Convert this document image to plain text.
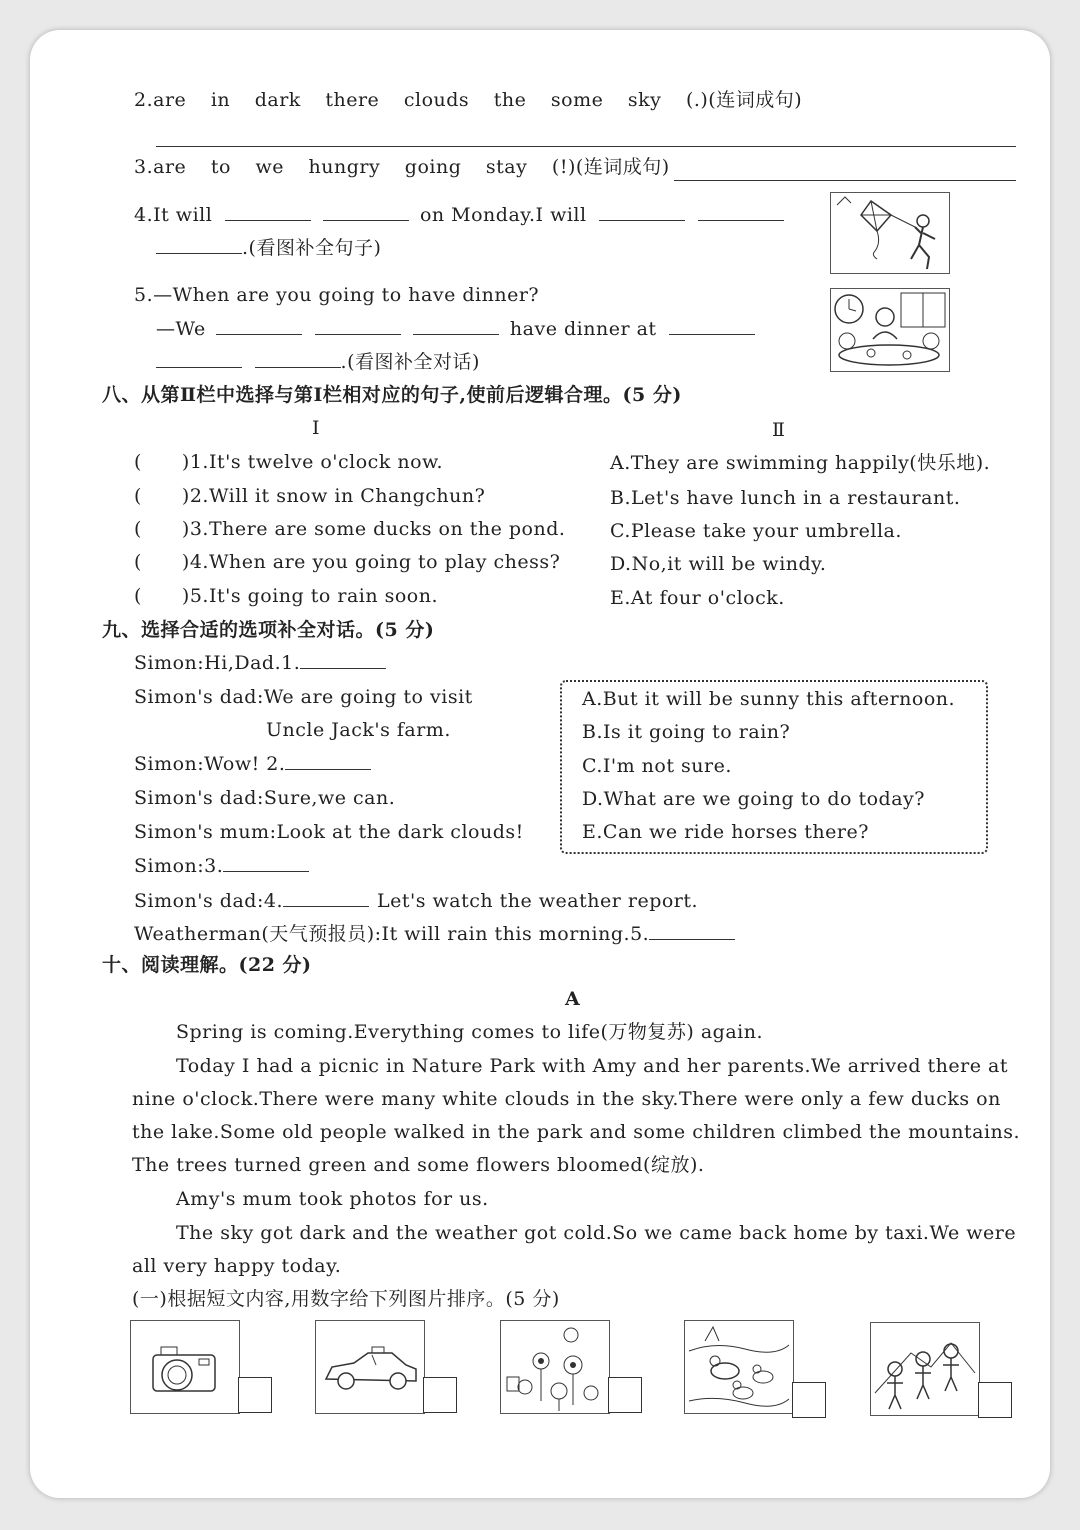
2.are in dark there clouds the some sky (.)(连词成句)
3.are to we hungry going stay (!)(连词成句)
4.It will	on Monday.I will
.(看图补全句子)
5.—When are you going to have dinner?
—We	have dinner at
.(看图补全对话)
八、从第Ⅱ栏中选择与第Ⅰ栏相对应的句子,使前后逻辑合理。(5 分)
Ⅰ	Ⅱ
( )1.It's twelve o'clock now.
( )2.Will it snow in Changchun?
( )3.There are some ducks on the pond.
( )4.When are you going to play chess?
( )5.It's going to rain soon.
A.They are swimming happily(快乐地).
B.Let's have lunch in a restaurant.
C.Please take your umbrella.
D.No,it will be windy.
E.At four o'clock.
九、选择合适的选项补全对话。(5 分)
Simon:Hi,Dad.1.
Simon's dad:We are going to visit
Uncle Jack's farm.
Simon:Wow! 2.
Simon's dad:Sure,we can.
Simon's mum:Look at the dark clouds!
Simon:3.
Simon's dad:4.	Let's watch the weather report.
Weatherman(天气预报员):It will rain this morning.5.
A.But it will be sunny this afternoon.
B.Is it going to rain?
C.I'm not sure.
D.What are we going to do today?
E.Can we ride horses there?
十、阅读理解。(22 分)
A
Spring is coming.Everything comes to life(万物复苏) again.
Today I had a picnic in Nature Park with Amy and her parents.We arrived there at
nine o'clock.There were many white clouds in the sky.There were only a few ducks on
the lake.Some old people walked in the park and some children climbed the mountains.
The trees turned green and some flowers bloomed(绽放).
Amy's mum took photos for us.
The sky got dark and the weather got cold.So we came back home by taxi.We were
all very happy today.
(一)根据短文内容,用数字给下列图片排序。(5 分)
